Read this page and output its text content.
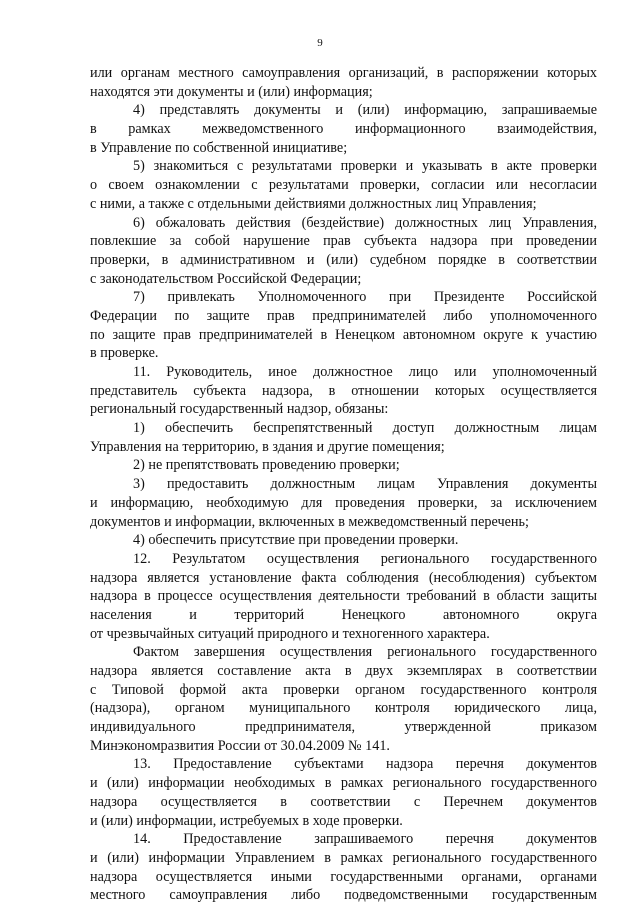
9
или органам местного самоуправления организаций, в распоряжении которых
находятся эти документы и (или) информация;
4) представлять документы и (или) информацию, запрашиваемые
в рамках межведомственного информационного взаимодействия,
в Управление по собственной инициативе;
5) знакомиться с результатами проверки и указывать в акте проверки
о своем ознакомлении с результатами проверки, согласии или несогласии
с ними, а также с отдельными действиями должностных лиц Управления;
6) обжаловать действия (бездействие) должностных лиц Управления,
повлекшие за собой нарушение прав субъекта надзора при проведении
проверки, в административном и (или) судебном порядке в соответствии
с законодательством Российской Федерации;
7) привлекать Уполномоченного при Президенте Российской
Федерации по защите прав предпринимателей либо уполномоченного
по защите прав предпринимателей в Ненецком автономном округе к участию
в проверке.
11. Руководитель, иное должностное лицо или уполномоченный
представитель субъекта надзора, в отношении которых осуществляется
региональный государственный надзор, обязаны:
1) обеспечить беспрепятственный доступ должностным лицам
Управления на территорию, в здания и другие помещения;
2) не препятствовать проведению проверки;
3) предоставить должностным лицам Управления документы
и информацию, необходимую для проведения проверки, за исключением
документов и информации, включенных в межведомственный перечень;
4) обеспечить присутствие при проведении проверки.
12. Результатом осуществления регионального государственного
надзора является установление факта соблюдения (несоблюдения) субъектом
надзора в процессе осуществления деятельности требований в области защиты
населения и территорий Ненецкого автономного округа
от чрезвычайных ситуаций природного и техногенного характера.
Фактом завершения осуществления регионального государственного
надзора является составление акта в двух экземплярах в соответствии
с Типовой формой акта проверки органом государственного контроля
(надзора), органом муниципального контроля юридического лица,
индивидуального предпринимателя, утвержденной приказом
Минэкономразвития России от 30.04.2009 № 141.
13. Предоставление субъектами надзора перечня документов
и (или) информации необходимых в рамках регионального государственного
надзора осуществляется в соответствии с Перечнем документов
и (или) информации, истребуемых в ходе проверки.
14. Предоставление запрашиваемого перечня документов
и (или) информации Управлением в рамках регионального государственного
надзора осуществляется иными государственными органами, органами
местного самоуправления либо подведомственными государственным
